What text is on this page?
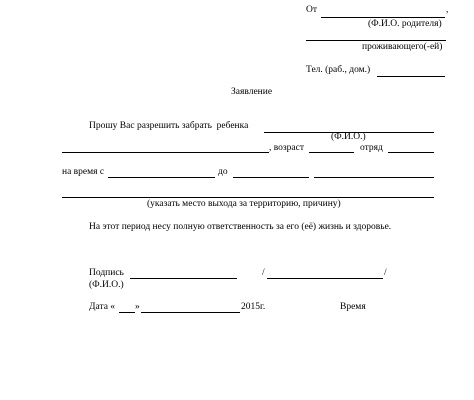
От	,
(Ф.И.О. родителя)
проживающего(-ей)
Тел. (раб., дом.)
Заявление
Прошу Вас разрешить забрать  ребенка
(Ф.И.О.)
, возраст	отряд
на время с	до
(указать место выхода за территорию, причину)
На этот период несу полную ответственность за его (её) жизнь и здоровье.
Подпись	/	/
(Ф.И.О.)
Дата « »	2015г.	Время
